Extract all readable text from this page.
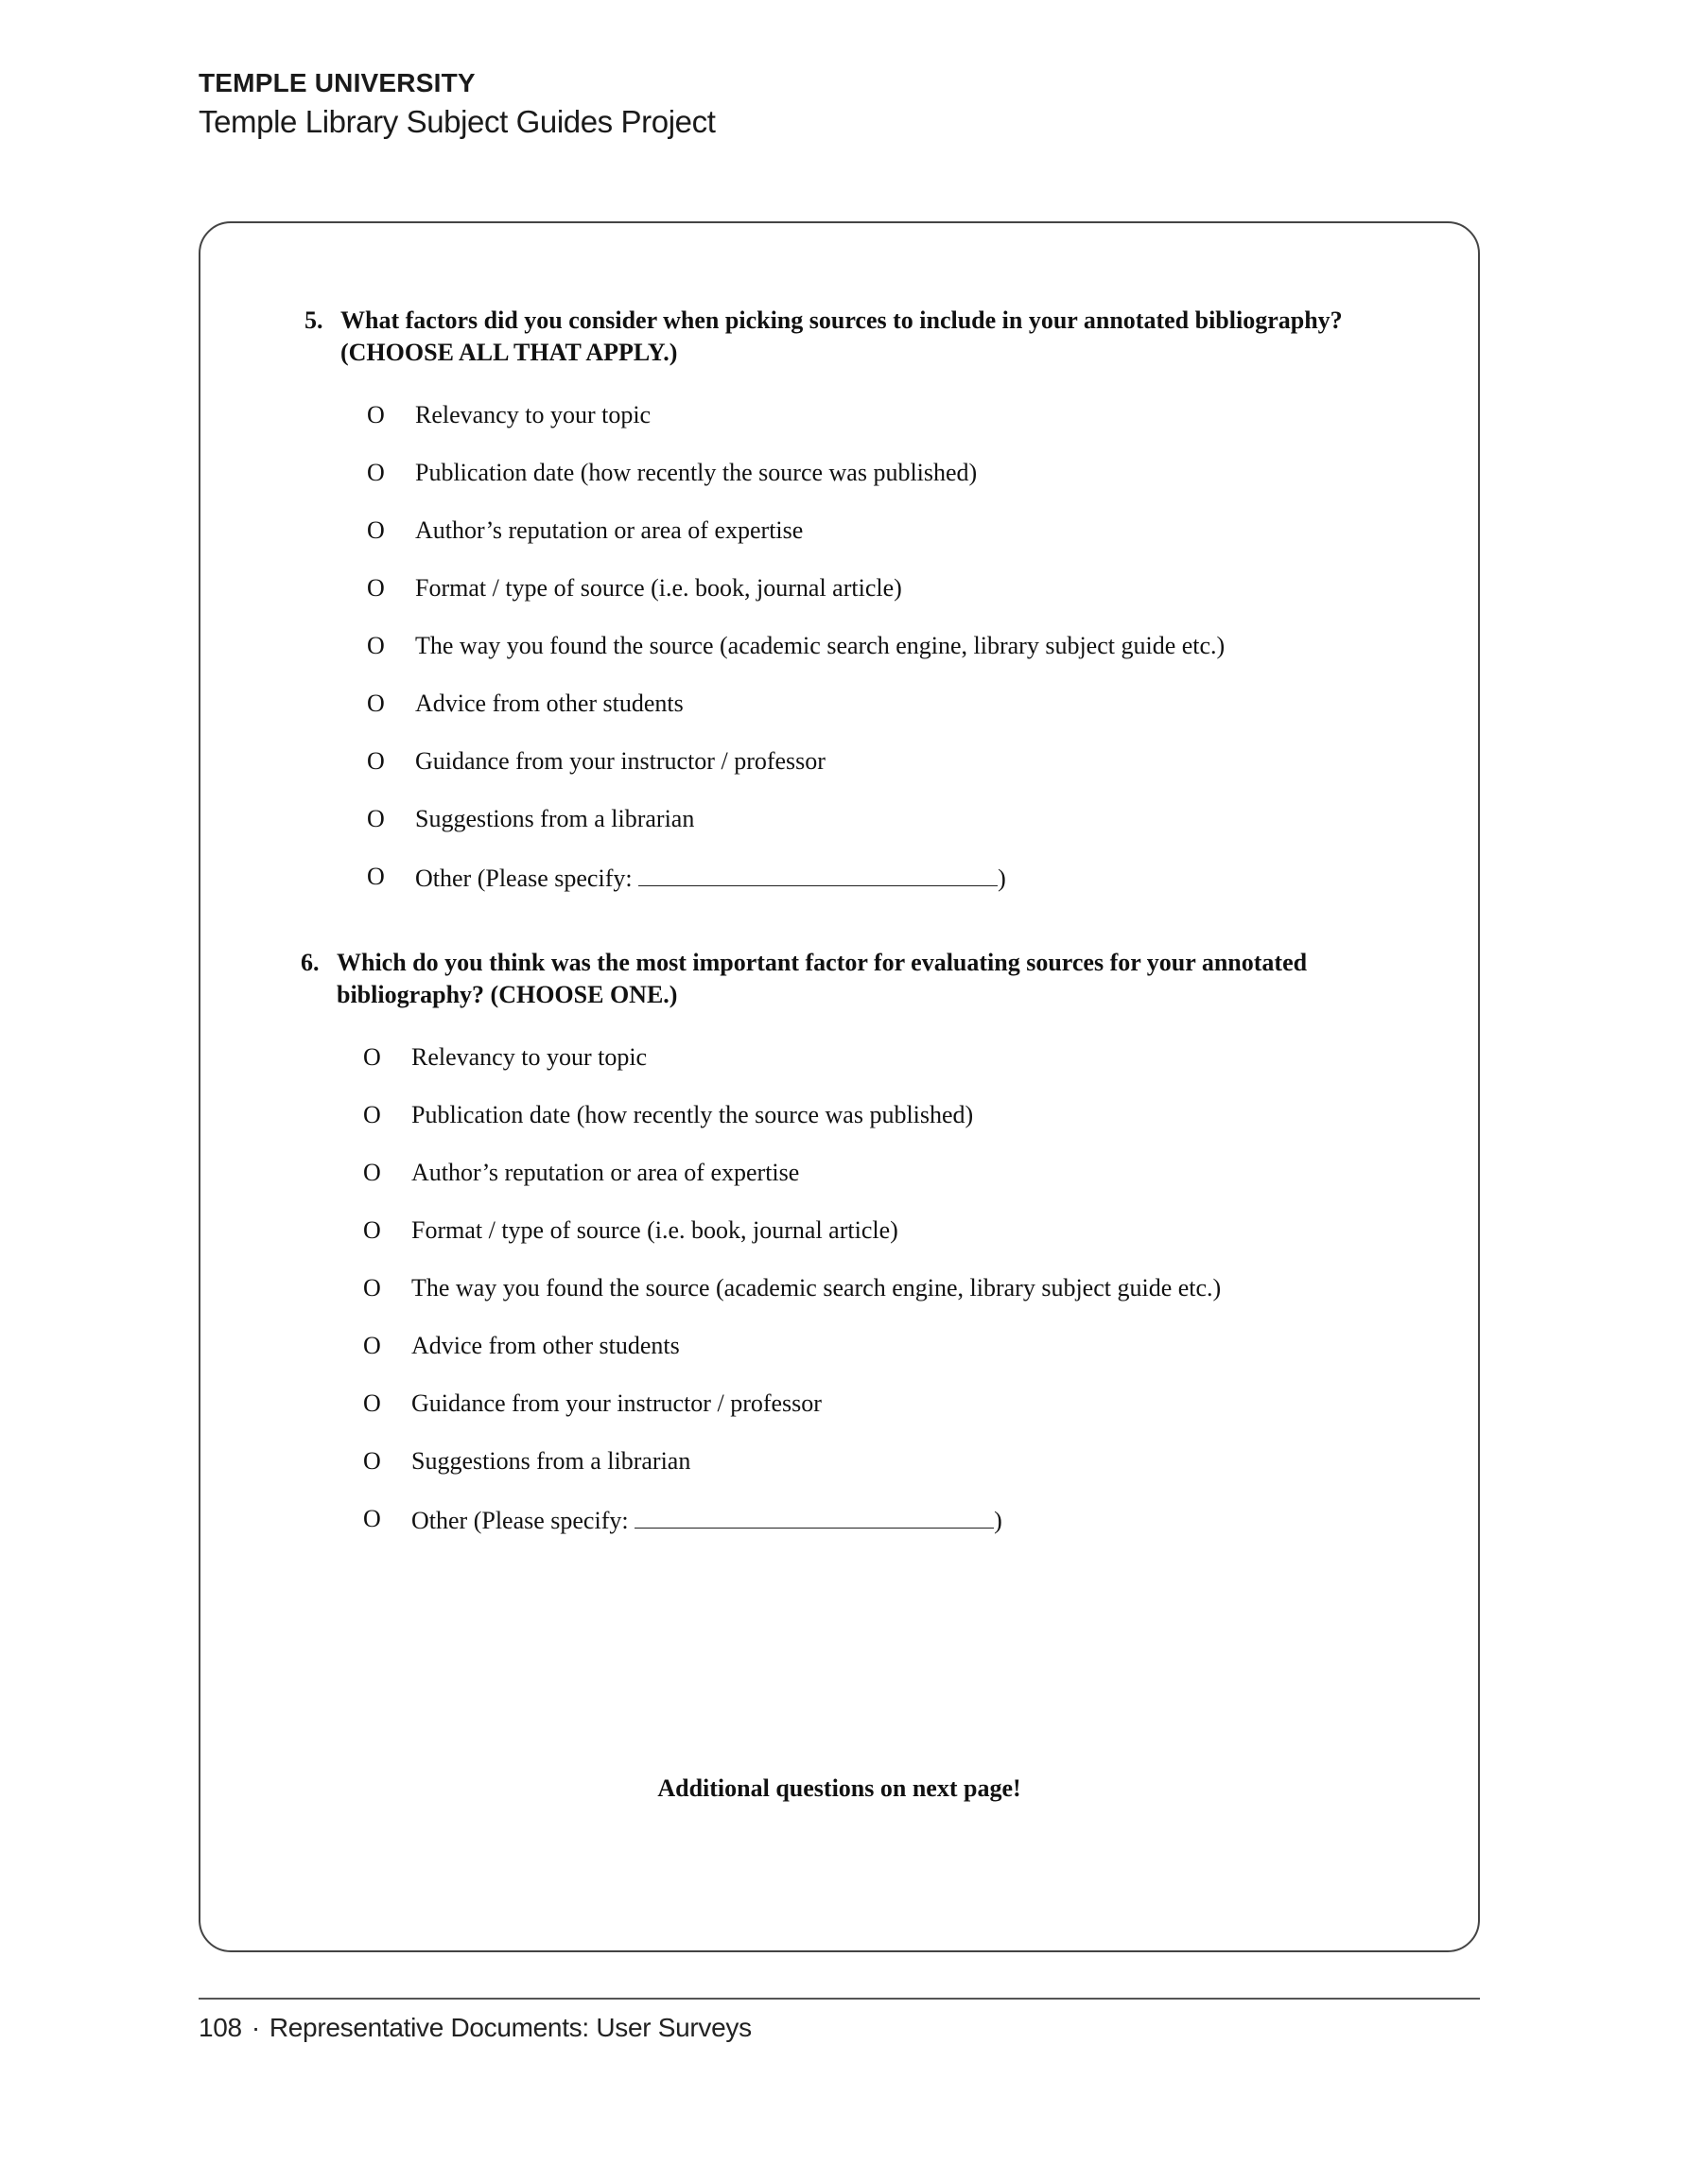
TEMPLE UNIVERSITY
Temple Library Subject Guides Project
5. What factors did you consider when picking sources to include in your annotated bibliography? (CHOOSE ALL THAT APPLY.)
O Relevancy to your topic
O Publication date (how recently the source was published)
O Author’s reputation or area of expertise
O Format / type of source (i.e. book, journal article)
O The way you found the source (academic search engine, library subject guide etc.)
O Advice from other students
O Guidance from your instructor / professor
O Suggestions from a librarian
O Other (Please specify:	)
6. Which do you think was the most important factor for evaluating sources for your annotated bibliography? (CHOOSE ONE.)
O Relevancy to your topic
O Publication date (how recently the source was published)
O Author’s reputation or area of expertise
O Format / type of source (i.e. book, journal article)
O The way you found the source (academic search engine, library subject guide etc.)
O Advice from other students
O Guidance from your instructor / professor
O Suggestions from a librarian
O Other (Please specify:	)
Additional questions on next page!
108 · Representative Documents: User Surveys
